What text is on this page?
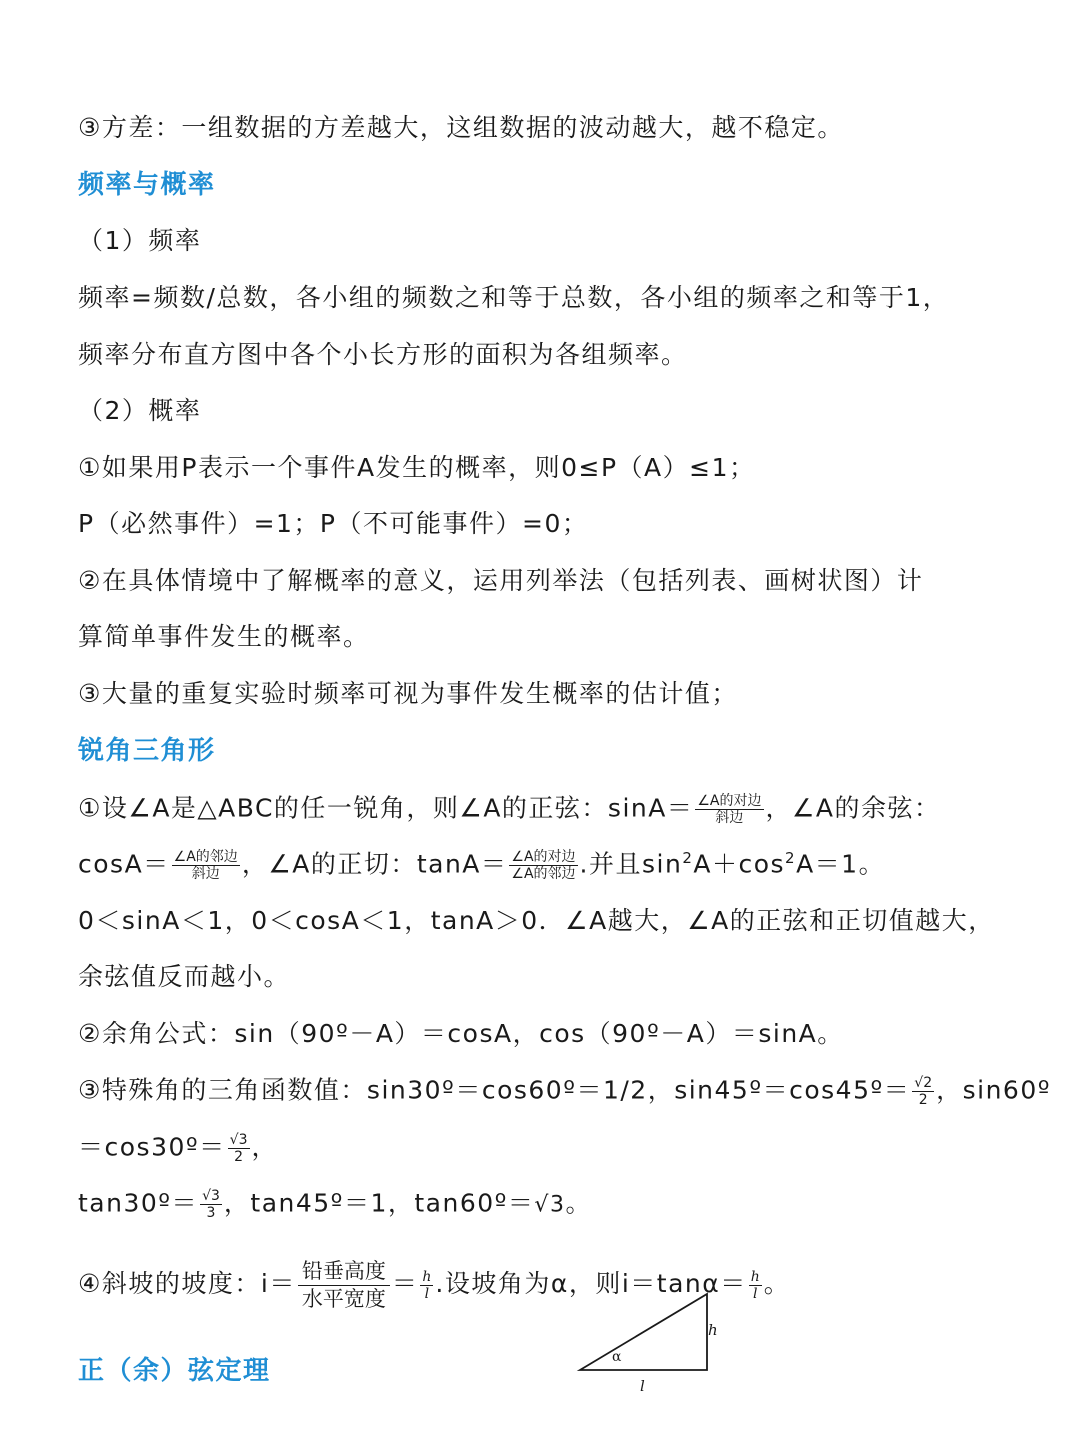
③方差：一组数据的方差越大，这组数据的波动越大，越不稳定。
频率与概率
（1）频率
频率=频数/总数，各小组的频数之和等于总数，各小组的频率之和等于1，
频率分布直方图中各个小长方形的面积为各组频率。
（2）概率
①如果用P表示一个事件A发生的概率，则0≤P（A）≤1；
P（必然事件）=1；P（不可能事件）=0；
②在具体情境中了解概率的意义，运用列举法（包括列表、画树状图）计
算简单事件发生的概率。
③大量的重复实验时频率可视为事件发生概率的估计值；
锐角三角形
①设∠A是△ABC的任一锐角，则∠A的正弦：$\sin A= \frac{\text{∠A的对边}}{\text{斜边}}$ ，∠A的余弦：
$\cos A= \frac{\text{∠A的邻边}}{\text{斜边}}$ ，∠A的正切：$\tan A= \frac{\text{∠A的对边}}{\text{∠A的邻边}}$ .并且$\sin^2A+\cos^2A=1$。
0＜sinA＜1，0＜cosA＜1，tanA＞0．∠A越大，∠A的正弦和正切值越大，
余弦值反而越小。
②余角公式：sin（90º－A）＝cosA，cos（90º－A）＝sinA。
③特殊角的三角函数值：sin30º＝cos60º＝1/2，sin45º＝cos45º＝ $\frac{√2}{2}$ ，sin60º
＝cos30º＝ $\frac{√3}{2}$ ，
tan30º＝ $\frac{√3}{3}$ ，tan45º＝1，tan60º＝√3。
④斜坡的坡度：$i= \frac{\text{铅垂高度}}{\text{水平宽度}} = \frac{h}{l}$ .设坡角为α，则$i=\tan\alpha= \frac{h}{l}$ 。
正（余）弦定理	α
h
l
